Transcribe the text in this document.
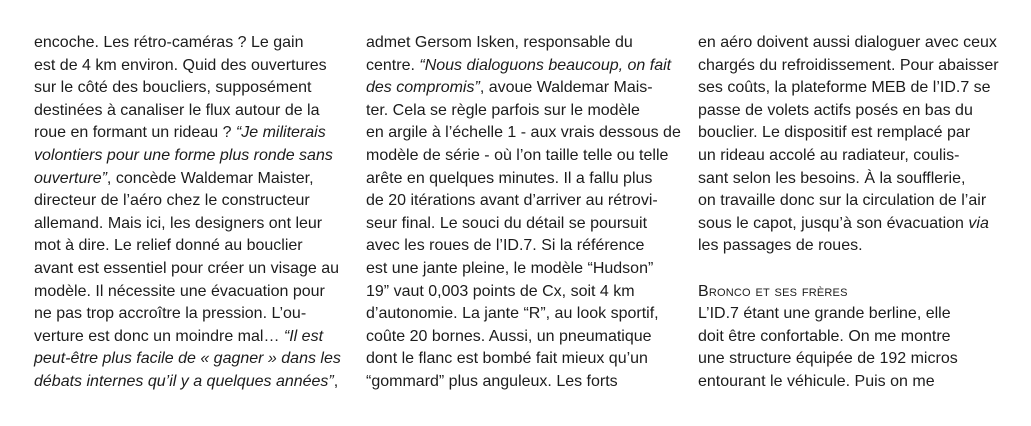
encoche. Les rétro-caméras ? Le gain
est de 4 km environ. Quid des ouvertures
sur le côté des boucliers, supposément
destinées à canaliser le flux autour de la
roue en formant un rideau ? “Je militerais
volontiers pour une forme plus ronde sans
ouverture”, concède Waldemar Maister,
directeur de l’aéro chez le constructeur
allemand. Mais ici, les designers ont leur
mot à dire. Le relief donné au bouclier
avant est essentiel pour créer un visage au
modèle. Il nécessite une évacuation pour
ne pas trop accroître la pression. L’ou-
verture est donc un moindre mal… “Il est
peut-être plus facile de « gagner » dans les
débats internes qu’il y a quelques années”,
admet Gersom Isken, responsable du
centre. “Nous dialoguons beaucoup, on fait
des compromis”, avoue Waldemar Mais-
ter. Cela se règle parfois sur le modèle
en argile à l’échelle 1 - aux vrais dessous de
modèle de série - où l’on taille telle ou telle
arête en quelques minutes. Il a fallu plus
de 20 itérations avant d’arriver au rétrovi-
seur final. Le souci du détail se poursuit
avec les roues de l’ID.7. Si la référence
est une jante pleine, le modèle “Hudson”
19” vaut 0,003 points de Cx, soit 4 km
d’autonomie. La jante “R”, au look sportif,
coûte 20 bornes. Aussi, un pneumatique
dont le flanc est bombé fait mieux qu’un
“gommard” plus anguleux. Les forts
en aéro doivent aussi dialoguer avec ceux
chargés du refroidissement. Pour abaisser
ses coûts, la plateforme MEB de l’ID.7 se
passe de volets actifs posés en bas du
bouclier. Le dispositif est remplacé par
un rideau accolé au radiateur, coulis-
sant selon les besoins. À la soufflerie,
on travaille donc sur la circulation de l’air
sous le capot, jusqu’à son évacuation via
les passages de roues.
Bronco et ses frères
L’ID.7 étant une grande berline, elle
doit être confortable. On me montre
une structure équipée de 192 micros
entourant le véhicule. Puis on me
